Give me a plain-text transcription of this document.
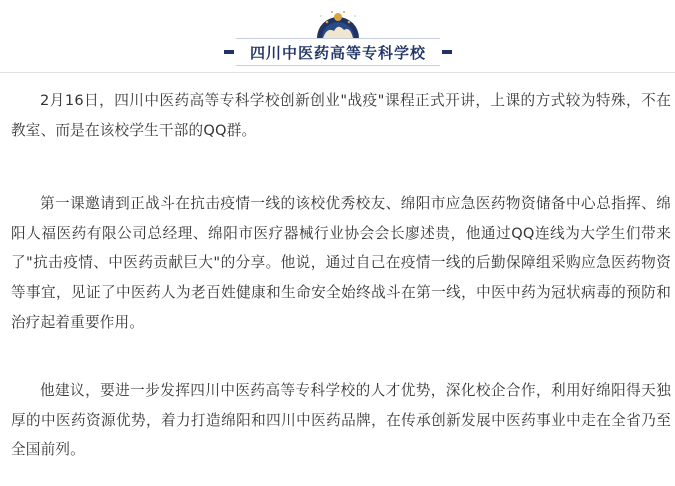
四川中医药高等专科学校

2月16日，四川中医药高等专科学校创新创业"战疫"课程正式开讲，上课的方式较为特殊，不在教室、而是在该校学生干部的QQ群。

第一课邀请到正战斗在抗击疫情一线的该校优秀校友、绵阳市应急医药物资储备中心总指挥、绵阳人福医药有限公司总经理、绵阳市医疗器械行业协会会长廖述贵，他通过QQ连线为大学生们带来了"抗击疫情、中医药贡献巨大"的分享。他说，通过自己在疫情一线的后勤保障组采购应急医药物资等事宜，见证了中医药人为老百姓健康和生命安全始终战斗在第一线，中医中药为冠状病毒的预防和治疗起着重要作用。

他建议，要进一步发挥四川中医药高等专科学校的人才优势，深化校企合作，利用好绵阳得天独厚的中医药资源优势，着力打造绵阳和四川中医药品牌，在传承创新发展中医药事业中走在全省乃至全国前列。
